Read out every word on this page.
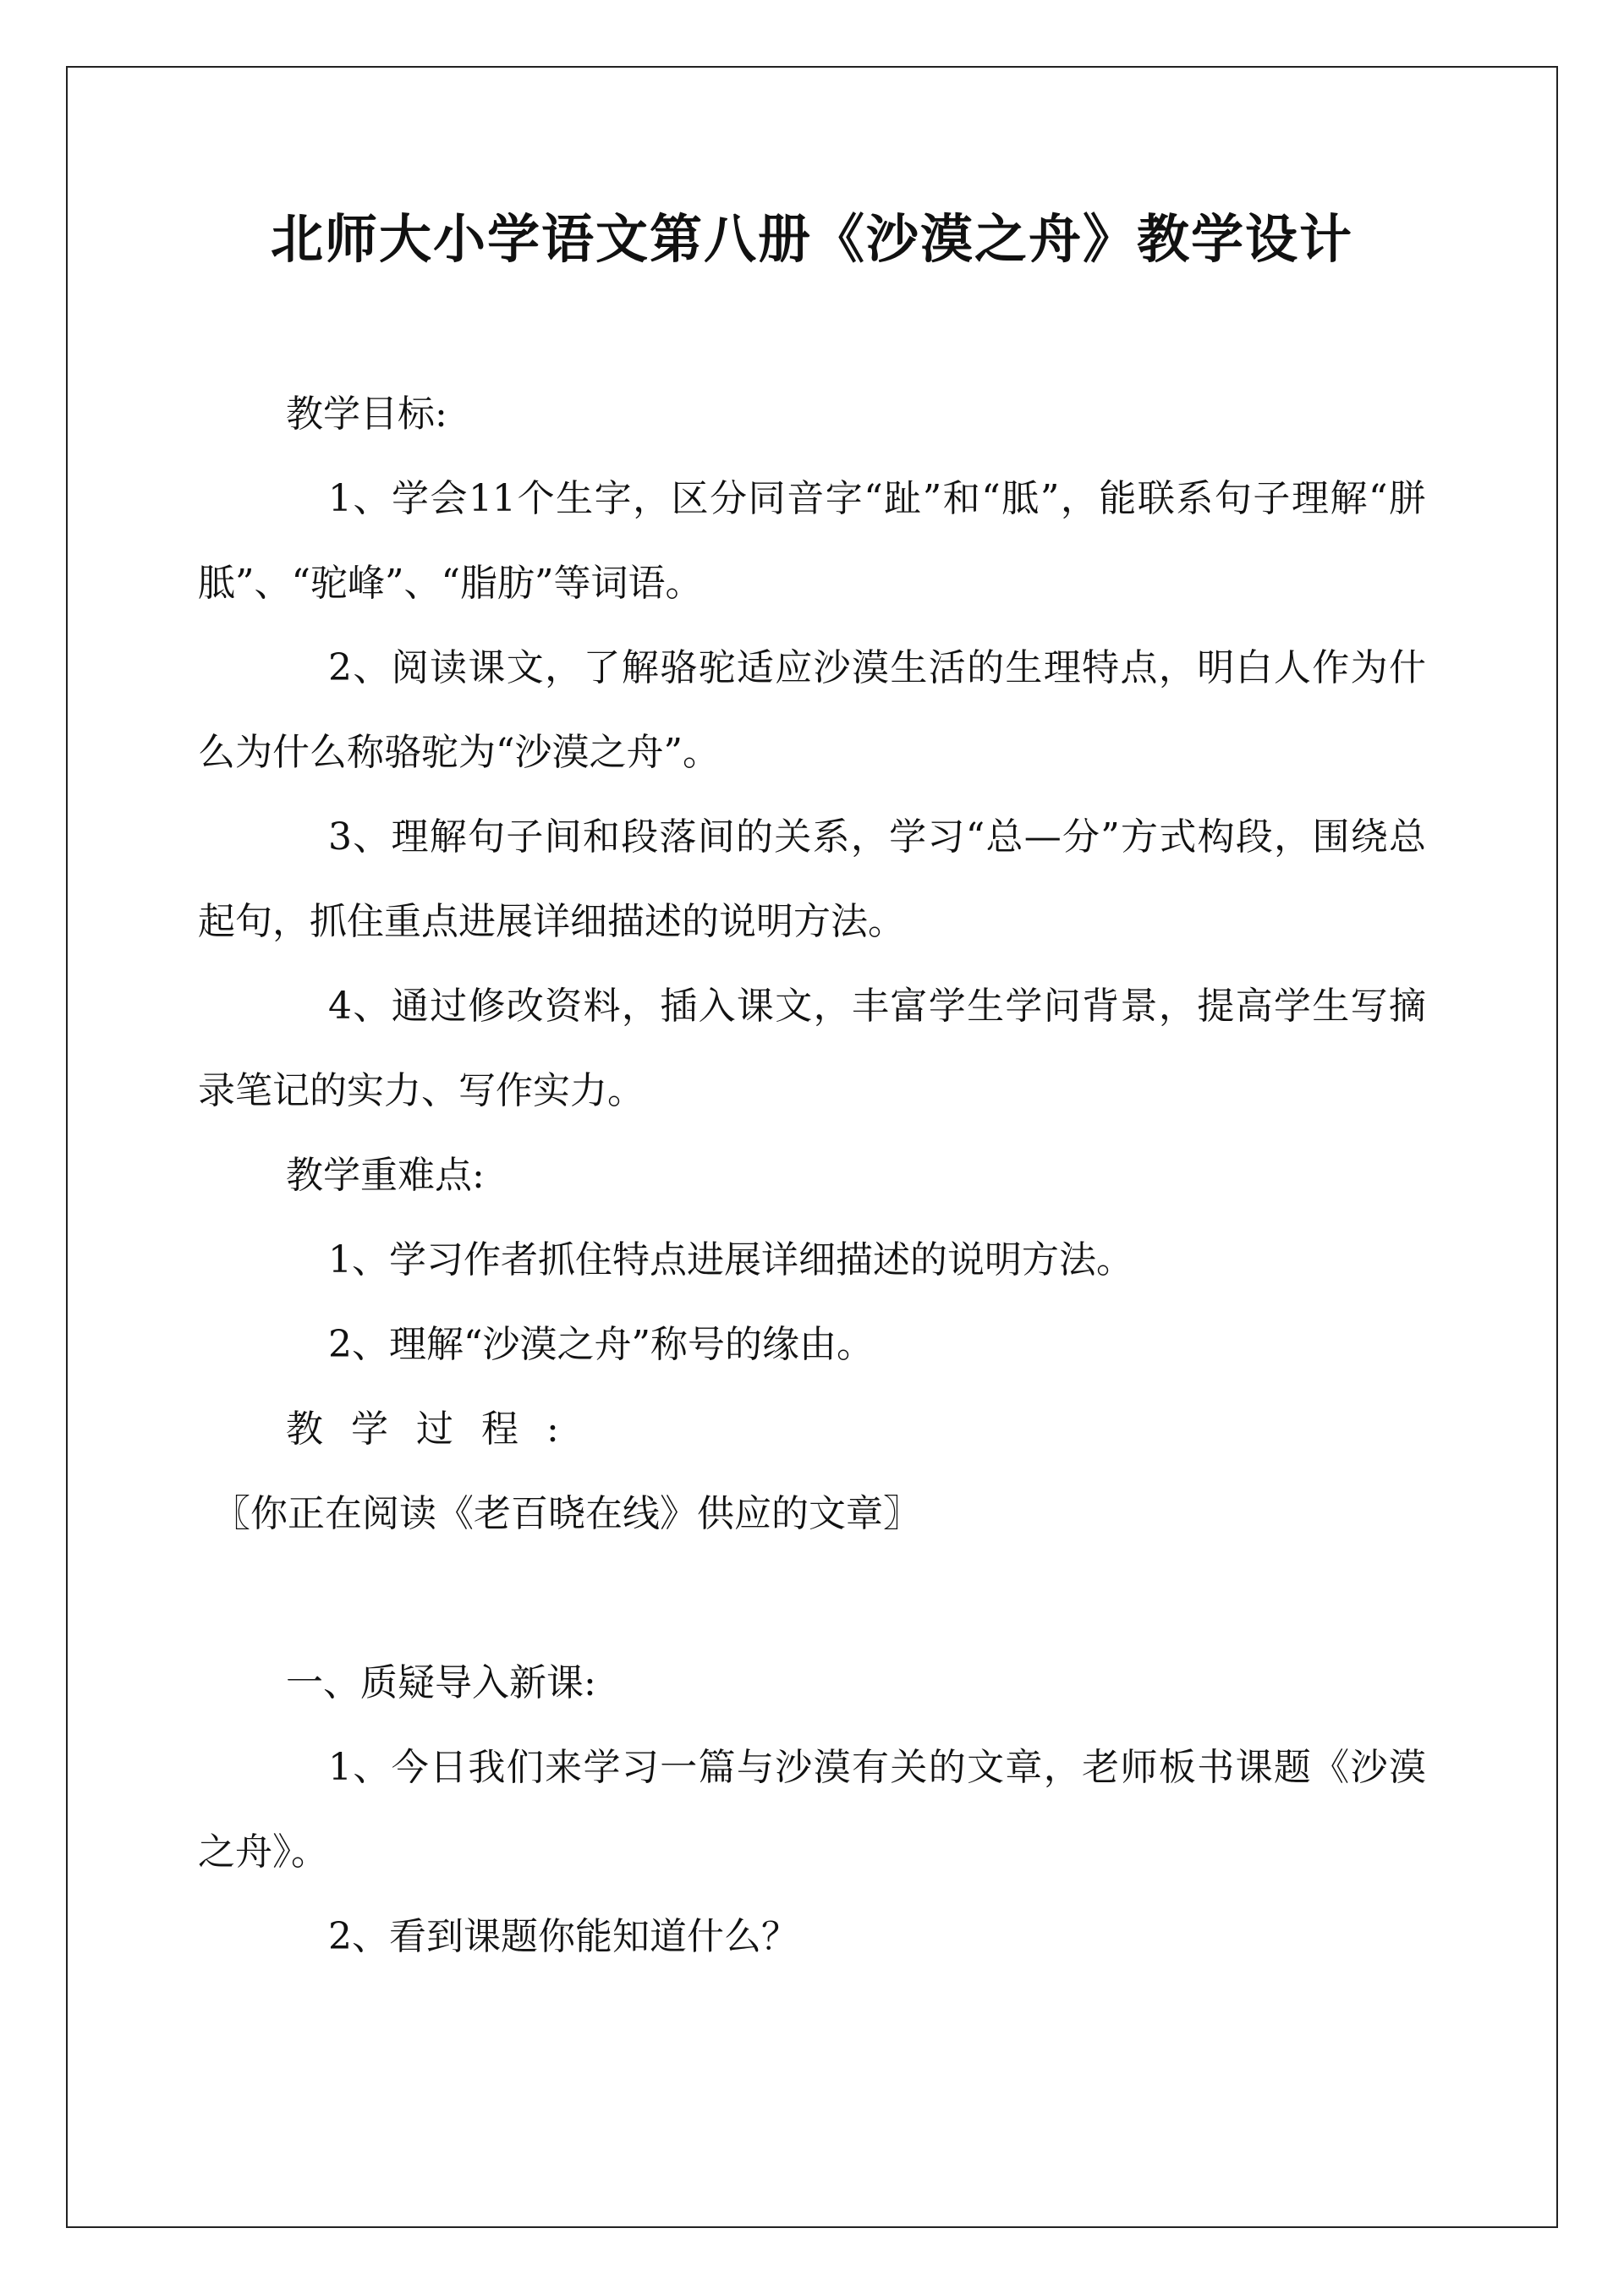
北师大小学语文第八册《沙漠之舟》教学设计

教学目标:

1、学会11个生字，区分同音字“趾”和“胝”，能联系句子理解“胼胝”、“驼峰”、“脂肪”等词语。

2、阅读课文，了解骆驼适应沙漠生活的生理特点，明白人作为什么为什么称骆驼为“沙漠之舟”。

3、理解句子间和段落间的关系，学习“总—分”方式构段，围绕总起句，抓住重点进展详细描述的说明方法。

4、通过修改资料，插入课文，丰富学生学问背景，提高学生写摘录笔记的实力、写作实力。

教学重难点:

1、学习作者抓住特点进展详细描述的说明方法。

2、理解“沙漠之舟”称号的缘由。

教学过程:

〖你正在阅读《老百晓在线》供应的文章〗

一、质疑导入新课:

1、今日我们来学习一篇与沙漠有关的文章，老师板书课题《沙漠之舟》。

2、看到课题你能知道什么？
